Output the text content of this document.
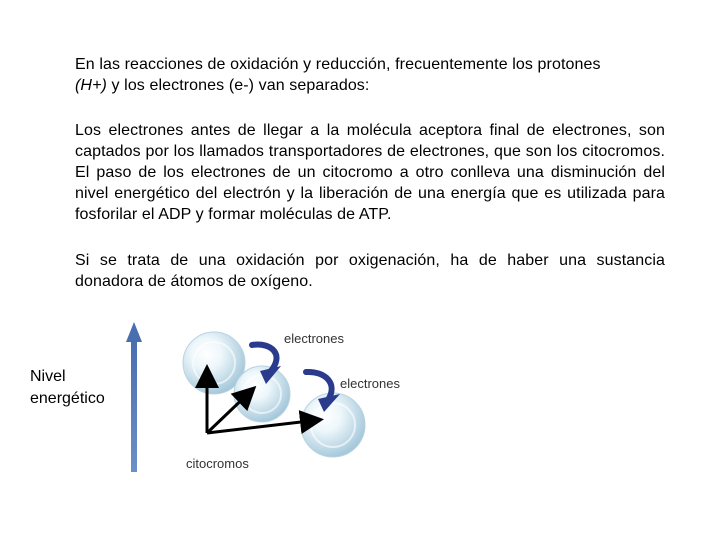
En las reacciones de oxidación y reducción, frecuentemente los protones
(H+) y los electrones (e-) van separados:
Los electrones antes de llegar a la molécula aceptora final de electrones, son captados por los llamados transportadores de electrones, que son los citocromos. El paso de los electrones de un citocromo a otro conlleva una disminución del nivel energético del electrón y la liberación de una energía que es utilizada para fosforilar el ADP y formar moléculas de ATP.
Si se trata de una oxidación por oxigenación, ha de haber una sustancia donadora de átomos de oxígeno.
Nivel
energético
electrones
electrones
citocromos
